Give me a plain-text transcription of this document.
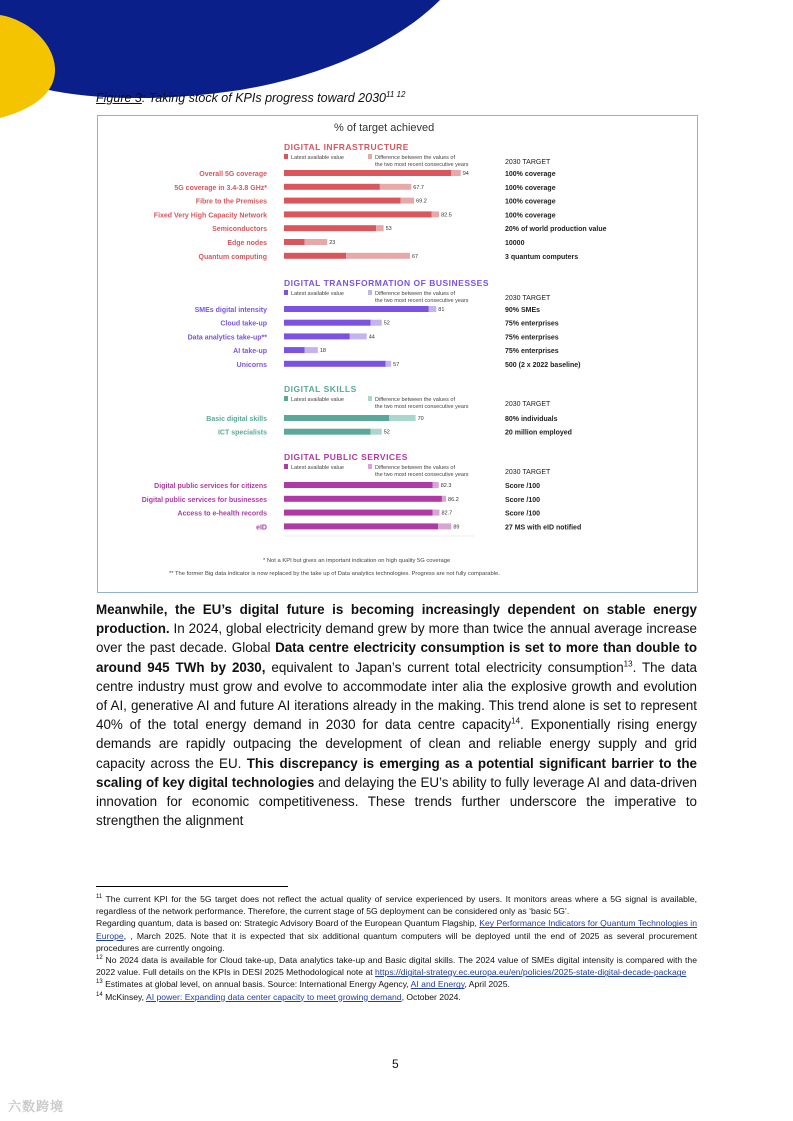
Figure 3: Taking stock of KPIs progress toward $2030^{11 12}$
% of target achieved
DIGITAL INFRASTRUCTURE
Latest available value	Difference between the values of
the two most recent consecutive years	2030 TARGET
Overall 5G coverage	94	100% coverage
5G coverage in 3.4-3.8 GHz*	67.7	100% coverage
Fibre to the Premises	69.2	100% coverage
Fixed Very High Capacity Network	82.5	100% coverage
Semiconductors	53	20% of world production value
Edge nodes	23	10000
Quantum computing	67	3 quantum computers
DIGITAL TRANSFORMATION OF BUSINESSES
Latest available value	Difference between the values of
the two most recent consecutive years	2030 TARGET
SMEs digital intensity	81	90% SMEs
Cloud take-up	52	75% enterprises
Data analytics take-up**	44	75% enterprises
AI take-up	18	75% enterprises
Unicorns	57	500 (2 x 2022 baseline)
DIGITAL SKILLS
Latest available value	Difference between the values of
the two most recent consecutive years	2030 TARGET
Basic digital skills	70	80% individuals
ICT specialists	52	20 million employed
DIGITAL PUBLIC SERVICES
Latest available value	Difference between the values of
the two most recent consecutive years	2030 TARGET
Digital public services for citizens	82.3	Score /100
Digital public services for businesses	86.2	Score /100
Access to e-health records	82.7	Score /100
eID	89	27 MS with eID notified
* Not a KPI but gives an important indication on high quality 5G coverage
** The former Big data indicator is now replaced by the take up of Data analytics technologies. Progress are not fully comparable.

Meanwhile, the EU’s digital future is becoming increasingly dependent on stable energy production. In 2024, global electricity demand grew by more than twice the annual average increase over the past decade. Global Data centre electricity consumption is set to more than double to around 945 TWh by 2030, equivalent to Japan’s current total electricity consumption$^{13}$. The data centre industry must grow and evolve to accommodate inter alia the explosive growth and evolution of AI, generative AI and future AI iterations already in the making. This trend alone is set to represent 40% of the total energy demand in 2030 for data centre capacity$^{14}$. Exponentially rising energy demands are rapidly outpacing the development of clean and reliable energy supply and grid capacity across the EU. This discrepancy is emerging as a potential significant barrier to the scaling of key digital technologies and delaying the EU’s ability to fully leverage AI and data-driven innovation for economic competitiveness. These trends further underscore the imperative to strengthen the alignment

$^{11}$ The current KPI for the 5G target does not reflect the actual quality of service experienced by users. It monitors areas where a 5G signal is available, regardless of the network performance. Therefore, the current stage of 5G deployment can be considered only as ‘basic 5G’.

Regarding quantum, data is based on: Strategic Advisory Board of the European Quantum Flagship, Key Performance Indicators for Quantum Technologies in Europe, , March 2025. Note that it is expected that six additional quantum computers will be deployed until the end of 2025 as several procurement procedures are currently ongoing.

$^{12}$ No 2024 data is available for Cloud take-up, Data analytics take-up and Basic digital skills. The 2024 value of SMEs digital intensity is compared with the 2022 value. Full details on the KPIs in DESI 2025 Methodological note at https://digital-strategy.ec.europa.eu/en/policies/2025-state-digital-decade-package

$^{13}$ Estimates at global level, on annual basis. Source: International Energy Agency, AI and Energy, April 2025.

$^{14}$ McKinsey, AI power: Expanding data center capacity to meet growing demand, October 2024.

5
六数跨境
